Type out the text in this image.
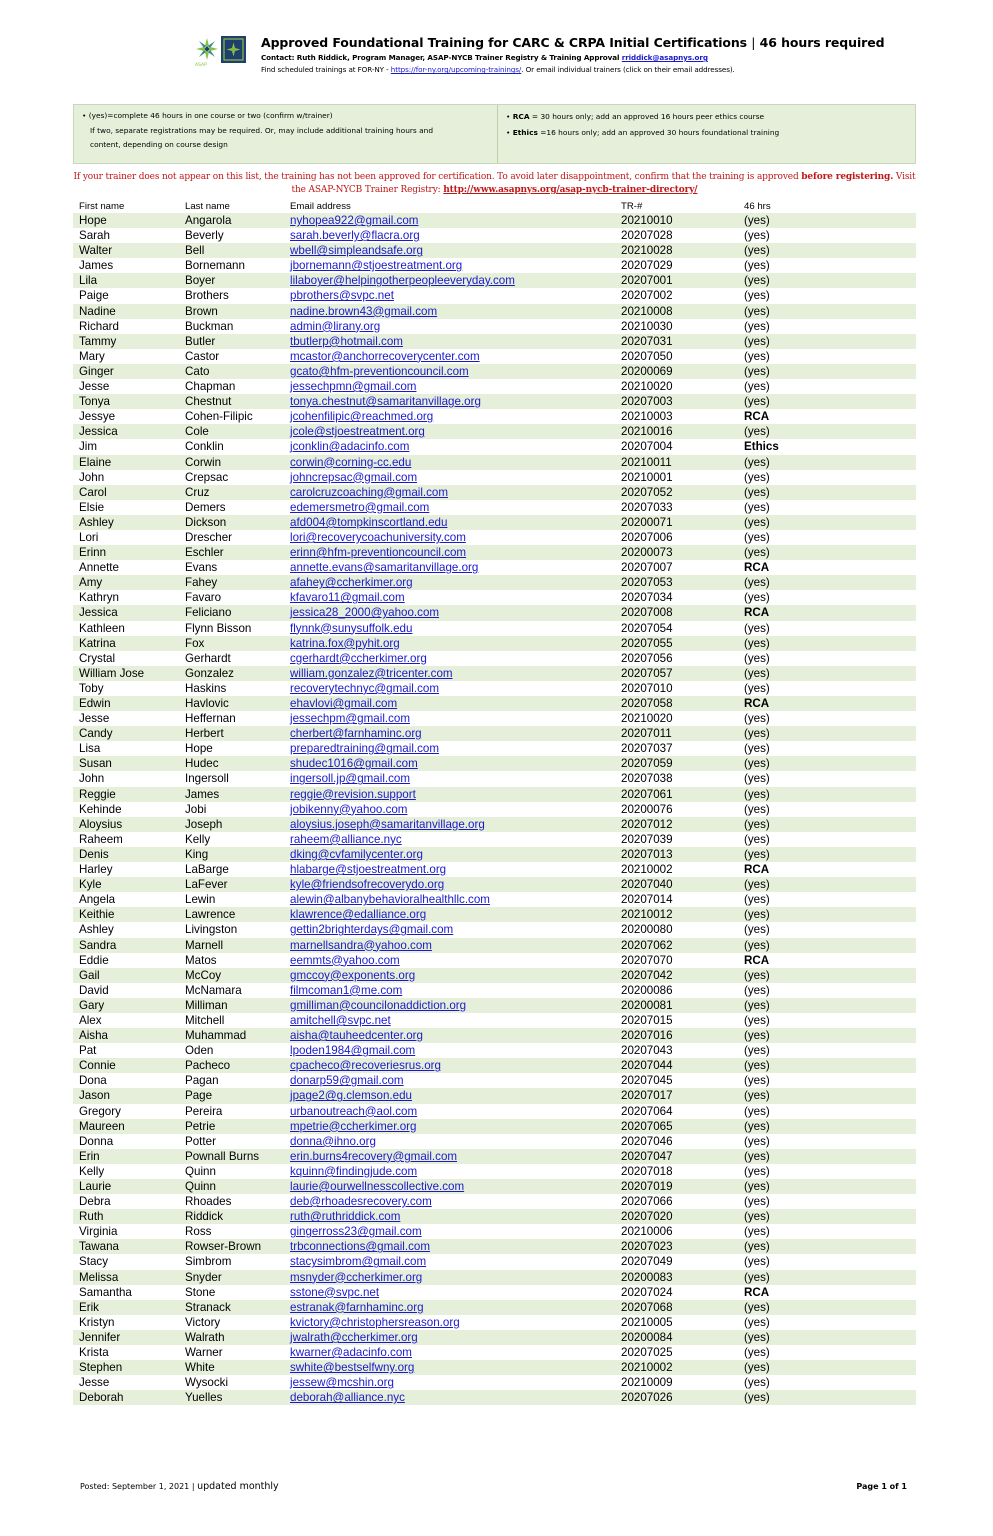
ASAP
Approved Foundational Training for CARC & CRPA Initial Certifications | 46 hours required
Contact: Ruth Riddick, Program Manager, ASAP-NYCB Trainer Registry & Training Approval rriddick@asapnys.org
Find scheduled trainings at FOR-NY - https://for-ny.org/upcoming-trainings/. Or email individual trainers (click on their email addresses).
• (yes)=complete 46 hours in one course or two (confirm w/trainer)
If two, separate registrations may be required. Or, may include additional training hours and
content, depending on course design
• RCA = 30 hours only; add an approved 16 hours peer ethics course
• Ethics =16 hours only; add an approved 30 hours foundational training
If your trainer does not appear on this list, the training has not been approved for certification. To avoid later disappointment, confirm that the training is approved before registering. Visit the ASAP-NYCB Trainer Registry: http://www.asapnys.org/asap-nycb-trainer-directory/
First name	Last name	Email address	TR-#	46 hrs
Hope	Angarola	nyhopea922@gmail.com	20210010	(yes)
Sarah	Beverly	sarah.beverly@flacra.org	20207028	(yes)
Walter	Bell	wbell@simpleandsafe.org	20210028	(yes)
James	Bornemann	jbornemann@stjoestreatment.org	20207029	(yes)
Lila	Boyer	lilaboyer@helpingotherpeopleeveryday.com	20207001	(yes)
Paige	Brothers	pbrothers@svpc.net	20207002	(yes)
Nadine	Brown	nadine.brown43@gmail.com	20210008	(yes)
Richard	Buckman	admin@lirany.org	20210030	(yes)
Tammy	Butler	tbutlerp@hotmail.com	20207031	(yes)
Mary	Castor	mcastor@anchorrecoverycenter.com	20207050	(yes)
Ginger	Cato	gcato@hfm-preventioncouncil.com	20200069	(yes)
Jesse	Chapman	jessechpmn@gmail.com	20210020	(yes)
Tonya	Chestnut	tonya.chestnut@samaritanvillage.org	20207003	(yes)
Jessye	Cohen-Filipic	jcohenfilipic@reachmed.org	20210003	RCA
Jessica	Cole	jcole@stjoestreatment.org	20210016	(yes)
Jim	Conklin	jconklin@adacinfo.com	20207004	Ethics
Elaine	Corwin	corwin@corning-cc.edu	20210011	(yes)
John	Crepsac	johncrepsac@gmail.com	20210001	(yes)
Carol	Cruz	carolcruzcoaching@gmail.com	20207052	(yes)
Elsie	Demers	edemersmetro@gmail.com	20207033	(yes)
Ashley	Dickson	afd004@tompkinscortland.edu	20200071	(yes)
Lori	Drescher	lori@recoverycoachuniversity.com	20207006	(yes)
Erinn	Eschler	erinn@hfm-preventioncouncil.com	20200073	(yes)
Annette	Evans	annette.evans@samaritanvillage.org	20207007	RCA
Amy	Fahey	afahey@ccherkimer.org	20207053	(yes)
Kathryn	Favaro	kfavaro11@gmail.com	20207034	(yes)
Jessica	Feliciano	jessica28_2000@yahoo.com	20207008	RCA
Kathleen	Flynn Bisson	flynnk@sunysuffolk.edu	20207054	(yes)
Katrina	Fox	katrina.fox@pyhit.org	20207055	(yes)
Crystal	Gerhardt	cgerhardt@ccherkimer.org	20207056	(yes)
William Jose	Gonzalez	william.gonzalez@tricenter.com	20207057	(yes)
Toby	Haskins	recoverytechnyc@gmail.com	20207010	(yes)
Edwin	Havlovic	ehavlovi@gmail.com	20207058	RCA
Jesse	Heffernan	jessechpm@gmail.com	20210020	(yes)
Candy	Herbert	cherbert@farnhaminc.org	20207011	(yes)
Lisa	Hope	preparedtraining@gmail.com	20207037	(yes)
Susan	Hudec	shudec1016@gmail.com	20207059	(yes)
John	Ingersoll	ingersoll.jp@gmail.com	20207038	(yes)
Reggie	James	reggie@revision.support	20207061	(yes)
Kehinde	Jobi	jobikenny@yahoo.com	20200076	(yes)
Aloysius	Joseph	aloysius.joseph@samaritanvillage.org	20207012	(yes)
Raheem	Kelly	raheem@alliance.nyc	20207039	(yes)
Denis	King	dking@cvfamilycenter.org	20207013	(yes)
Harley	LaBarge	hlabarge@stjoestreatment.org	20210002	RCA
Kyle	LaFever	kyle@friendsofrecoverydo.org	20207040	(yes)
Angela	Lewin	alewin@albanybehavioralhealthllc.com	20207014	(yes)
Keithie	Lawrence	klawrence@edalliance.org	20210012	(yes)
Ashley	Livingston	gettin2brighterdays@gmail.com	20200080	(yes)
Sandra	Marnell	marnellsandra@yahoo.com	20207062	(yes)
Eddie	Matos	eemmts@yahoo.com	20207070	RCA
Gail	McCoy	gmccoy@exponents.org	20207042	(yes)
David	McNamara	filmcoman1@me.com	20200086	(yes)
Gary	Milliman	gmilliman@councilonaddiction.org	20200081	(yes)
Alex	Mitchell	amitchell@svpc.net	20207015	(yes)
Aisha	Muhammad	aisha@tauheedcenter.org	20207016	(yes)
Pat	Oden	lpoden1984@gmail.com	20207043	(yes)
Connie	Pacheco	cpacheco@recoveriesrus.org	20207044	(yes)
Dona	Pagan	donarp59@gmail.com	20207045	(yes)
Jason	Page	jpage2@g.clemson.edu	20207017	(yes)
Gregory	Pereira	urbanoutreach@aol.com	20207064	(yes)
Maureen	Petrie	mpetrie@ccherkimer.org	20207065	(yes)
Donna	Potter	donna@ihno.org	20207046	(yes)
Erin	Pownall Burns	erin.burns4recovery@gmail.com	20207047	(yes)
Kelly	Quinn	kquinn@findingjude.com	20207018	(yes)
Laurie	Quinn	laurie@ourwellnesscollective.com	20207019	(yes)
Debra	Rhoades	deb@rhoadesrecovery.com	20207066	(yes)
Ruth	Riddick	ruth@ruthriddick.com	20207020	(yes)
Virginia	Ross	gingerross23@gmail.com	20210006	(yes)
Tawana	Rowser-Brown trbconnections@gmail.com	20207023	(yes)
Stacy	Simbrom	stacysimbrom@gmail.com	20207049	(yes)
Melissa	Snyder	msnyder@ccherkimer.org	20200083	(yes)
Samantha	Stone	sstone@svpc.net	20207024	RCA
Erik	Stranack	estranak@farnhaminc.org	20207068	(yes)
Kristyn	Victory	kvictory@christophersreason.org	20210005	(yes)
Jennifer	Walrath	jwalrath@ccherkimer.org	20200084	(yes)
Krista	Warner	kwarner@adacinfo.com	20207025	(yes)
Stephen	White	swhite@bestselfwny.org	20210002	(yes)
Jesse	Wysocki	jessew@mcshin.org	20210009	(yes)
Deborah	Yuelles	deborah@alliance.nyc	20207026	(yes)
Posted: September 1, 2021 | updated monthly	Page 1 of 1
